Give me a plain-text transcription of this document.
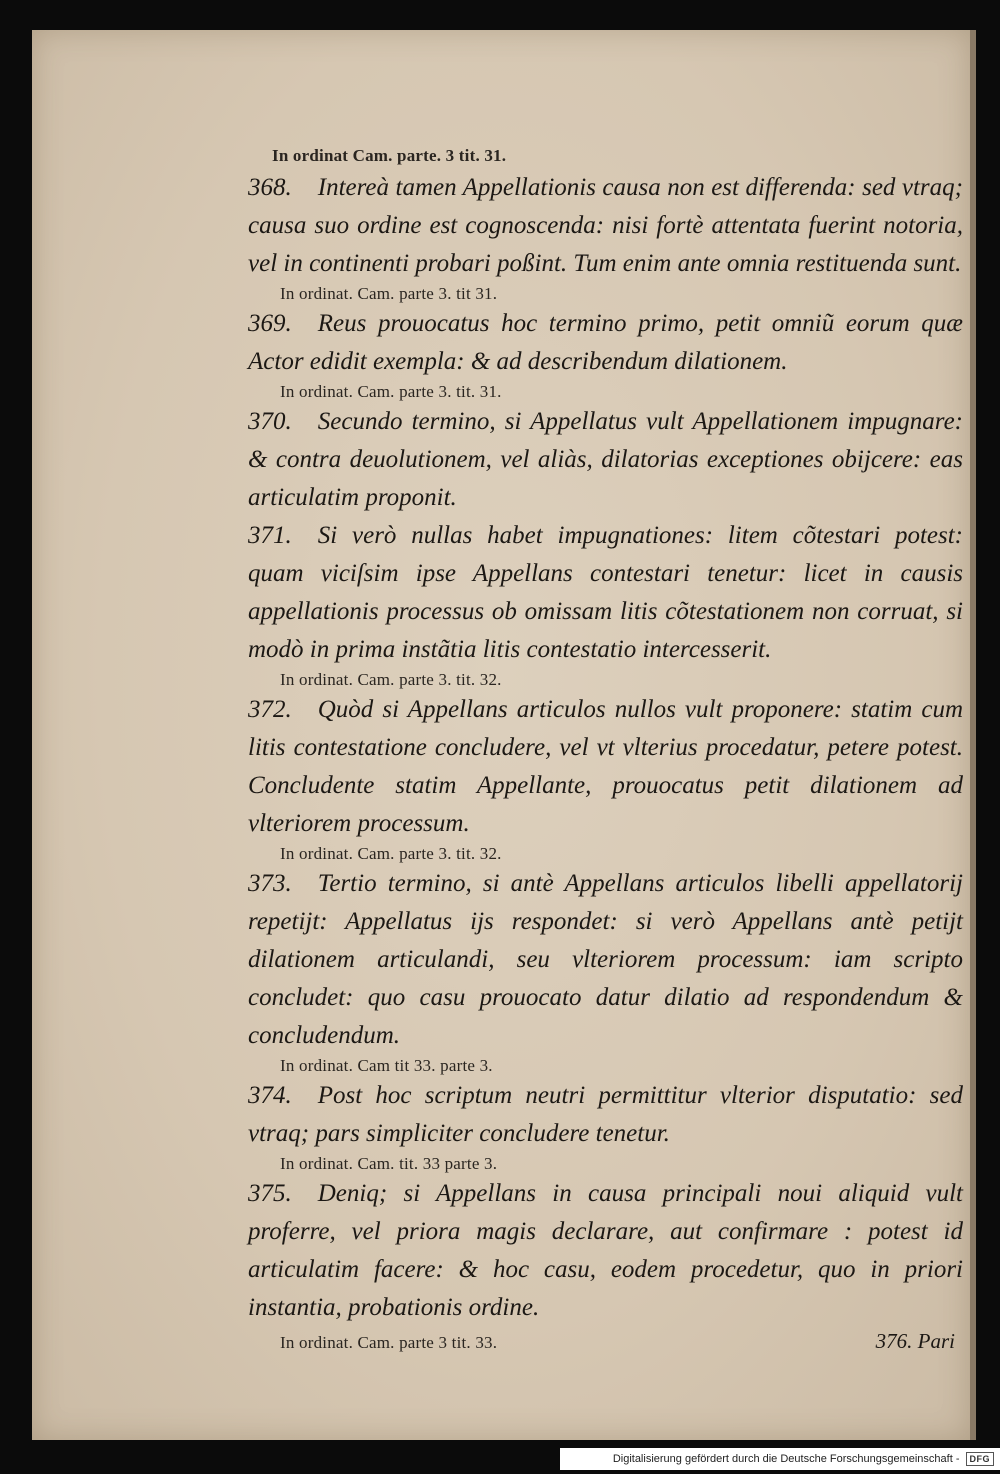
In ordinat Cam. parte. 3 tit. 31.

368. Intereà tamen Appellationis causa non est differenda: sed vtraq; causa suo ordine est cognoscenda: nisi fortè attentata fuerint notoria, vel in continenti probari poßint. Tum enim ante omnia restituenda sunt.

In ordinat. Cam. parte 3. tit 31.

369. Reus prouocatus hoc termino primo, petit omniũ eorum quæ Actor edidit exempla: & ad describendum dilationem.

In ordinat. Cam. parte 3. tit. 31.

370. Secundo termino, si Appellatus vult Appellationem impugnare: & contra deuolutionem, vel aliàs, dilatorias exceptiones obijcere: eas articulatim proponit.

371. Si verò nullas habet impugnationes: litem cõtestari potest: quam viciſsim ipse Appellans contestari tenetur: licet in causis appellationis processus ob omissam litis cõtestationem non corruat, si modò in prima instãtia litis contestatio intercesserit.

In ordinat. Cam. parte 3. tit. 32.

372. Quòd si Appellans articulos nullos vult proponere: statim cum litis contestatione concludere, vel vt vlterius procedatur, petere potest. Concludente statim Appellante, prouocatus petit dilationem ad vlteriorem processum.

In ordinat. Cam. parte 3. tit. 32.

373. Tertio termino, si antè Appellans articulos libelli appellatorij repetijt: Appellatus ijs respondet: si verò Appellans antè petijt dilationem articulandi, seu vlteriorem processum: iam scripto concludet: quo casu prouocato datur dilatio ad respondendum & concludendum.

In ordinat. Cam tit 33. parte 3.

374. Post hoc scriptum neutri permittitur vlterior disputatio: sed vtraq; pars simpliciter concludere tenetur.

In ordinat. Cam. tit. 33 parte 3.

375. Deniq; si Appellans in causa principali noui aliquid vult proferre, vel priora magis declarare, aut confirmare : potest id articulatim facere: & hoc casu, eodem procedetur, quo in priori instantia, probationis ordine.

In ordinat. Cam. parte 3 tit. 33.	376. Pari
Digitalisierung gefördert durch die Deutsche Forschungsgemeinschaft -	DFG
